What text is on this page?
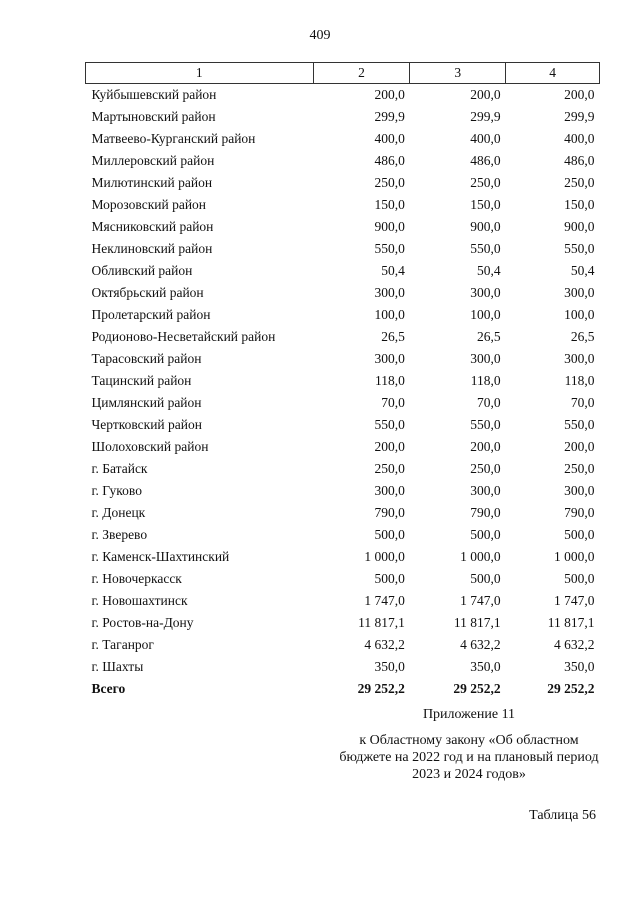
409
1	2	3	4
Куйбышевский район	200,0	200,0	200,0
Мартыновский район	299,9	299,9	299,9
Матвеево-Курганский район	400,0	400,0	400,0
Миллеровский район	486,0	486,0	486,0
Милютинский район	250,0	250,0	250,0
Морозовский район	150,0	150,0	150,0
Мясниковский район	900,0	900,0	900,0
Неклиновский район	550,0	550,0	550,0
Обливский район	50,4	50,4	50,4
Октябрьский район	300,0	300,0	300,0
Пролетарский район	100,0	100,0	100,0
Родионово-Несветайский район	26,5	26,5	26,5
Тарасовский район	300,0	300,0	300,0
Тацинский район	118,0	118,0	118,0
Цимлянский район	70,0	70,0	70,0
Чертковский район	550,0	550,0	550,0
Шолоховский район	200,0	200,0	200,0
г. Батайск	250,0	250,0	250,0
г. Гуково	300,0	300,0	300,0
г. Донецк	790,0	790,0	790,0
г. Зверево	500,0	500,0	500,0
г. Каменск-Шахтинский	1 000,0	1 000,0	1 000,0
г. Новочеркасск	500,0	500,0	500,0
г. Новошахтинск	1 747,0	1 747,0	1 747,0
г. Ростов-на-Дону	11 817,1	11 817,1	11 817,1
г. Таганрог	4 632,2	4 632,2	4 632,2
г. Шахты	350,0	350,0	350,0
Всего	29 252,2	29 252,2	29 252,2
Приложение 11
к Областному закону «Об областном бюджете на 2022 год и на плановый период 2023 и 2024 годов»
Таблица 56
